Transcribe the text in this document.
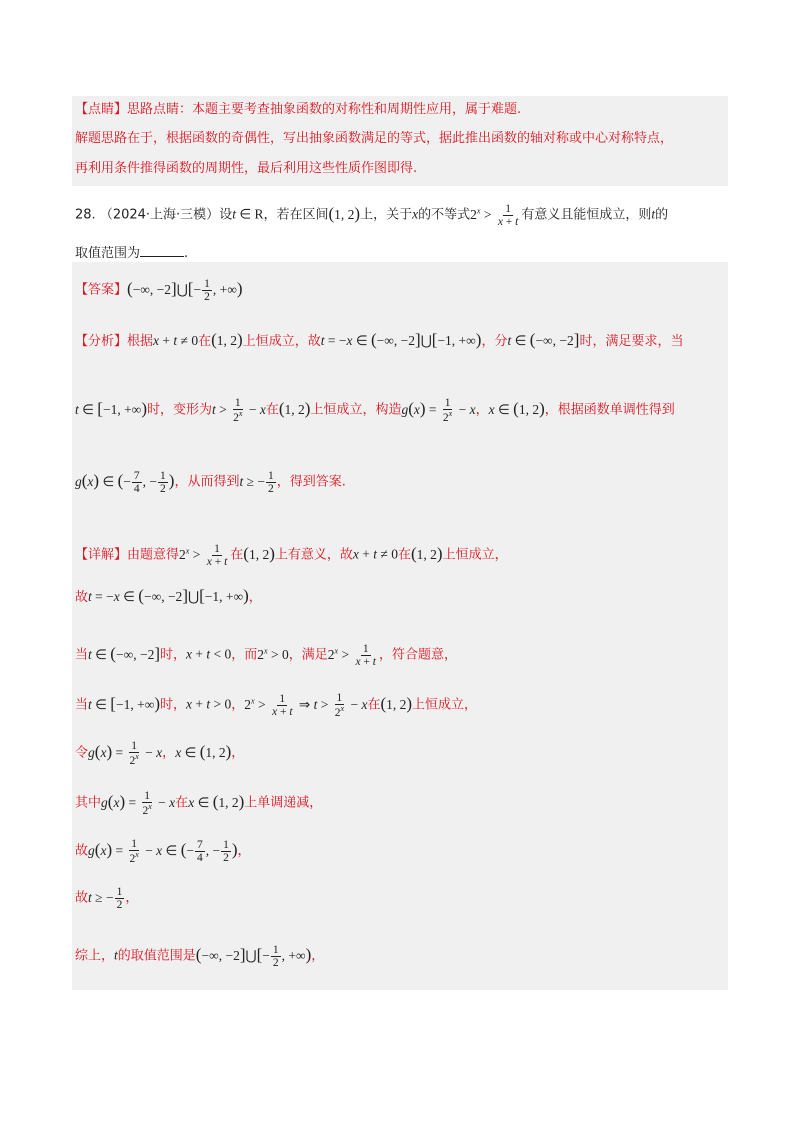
【点睛】思路点睛：本题主要考查抽象函数的对称性和周期性应用，属于难题.
解题思路在于，根据函数的奇偶性，写出抽象函数满足的等式，据此推出函数的轴对称或中心对称特点，
再利用条件推得函数的周期性，最后利用这些性质作图即得.
28. （2024·上海·三模）设t ∈ R，若在区间(1, 2)上，关于x的不等式$2^x > \frac{1}{x + t}$ 有意义且能恒成立，则t的
取值范围为	.
【答案】(−∞, −2]⋃[− $\frac{1}{2}$ , +∞)
【分析】根据x + t ≠ 0在(1, 2)上恒成立，故t = −x ∈ (−∞, −2]⋃[−1, +∞)，分t ∈ (−∞, −2]时，满足要求，当
t ∈ [−1, +∞)时，变形为$t > \frac{1}{2^x} - x$在(1, 2)上恒成立，构造$g(x) = \frac{1}{2^x} - x$，x ∈ (1, 2)，根据函数单调性得到
g(x) ∈ (− $\frac{7}{4}$ , − $\frac{1}{2}$ )，从而得到t ≥ − $\frac{1}{2}$ ，得到答案.
【详解】由题意得$2^x > \frac{1}{x + t}$ 在(1, 2)上有意义，故x + t ≠ 0在(1, 2)上恒成立，
故t = −x ∈ (−∞, −2]⋃[−1, +∞)，
当t ∈ (−∞, −2]时，x + t < 0，而$2^x > 0$，满足$2^x > \frac{1}{x + t}$ ，符合题意，
当t ∈ [−1, +∞)时，x + t > 0，$2^x > \frac{1}{x + t}$ ⇒ $t > \frac{1}{2^x} - x$在(1, 2)上恒成立，
令$g(x) = \frac{1}{2^x} - x$，x ∈ (1, 2)，
其中$g(x) = \frac{1}{2^x} - x$在x ∈ (1, 2)上单调递减，
故$g(x) = \frac{1}{2^x} - x$ ∈ (− $\frac{7}{4}$ , − $\frac{1}{2}$ )，
故t ≥ − $\frac{1}{2}$ ，
综上，t的取值范围是(−∞, −2]⋃[− $\frac{1}{2}$ , +∞)，
